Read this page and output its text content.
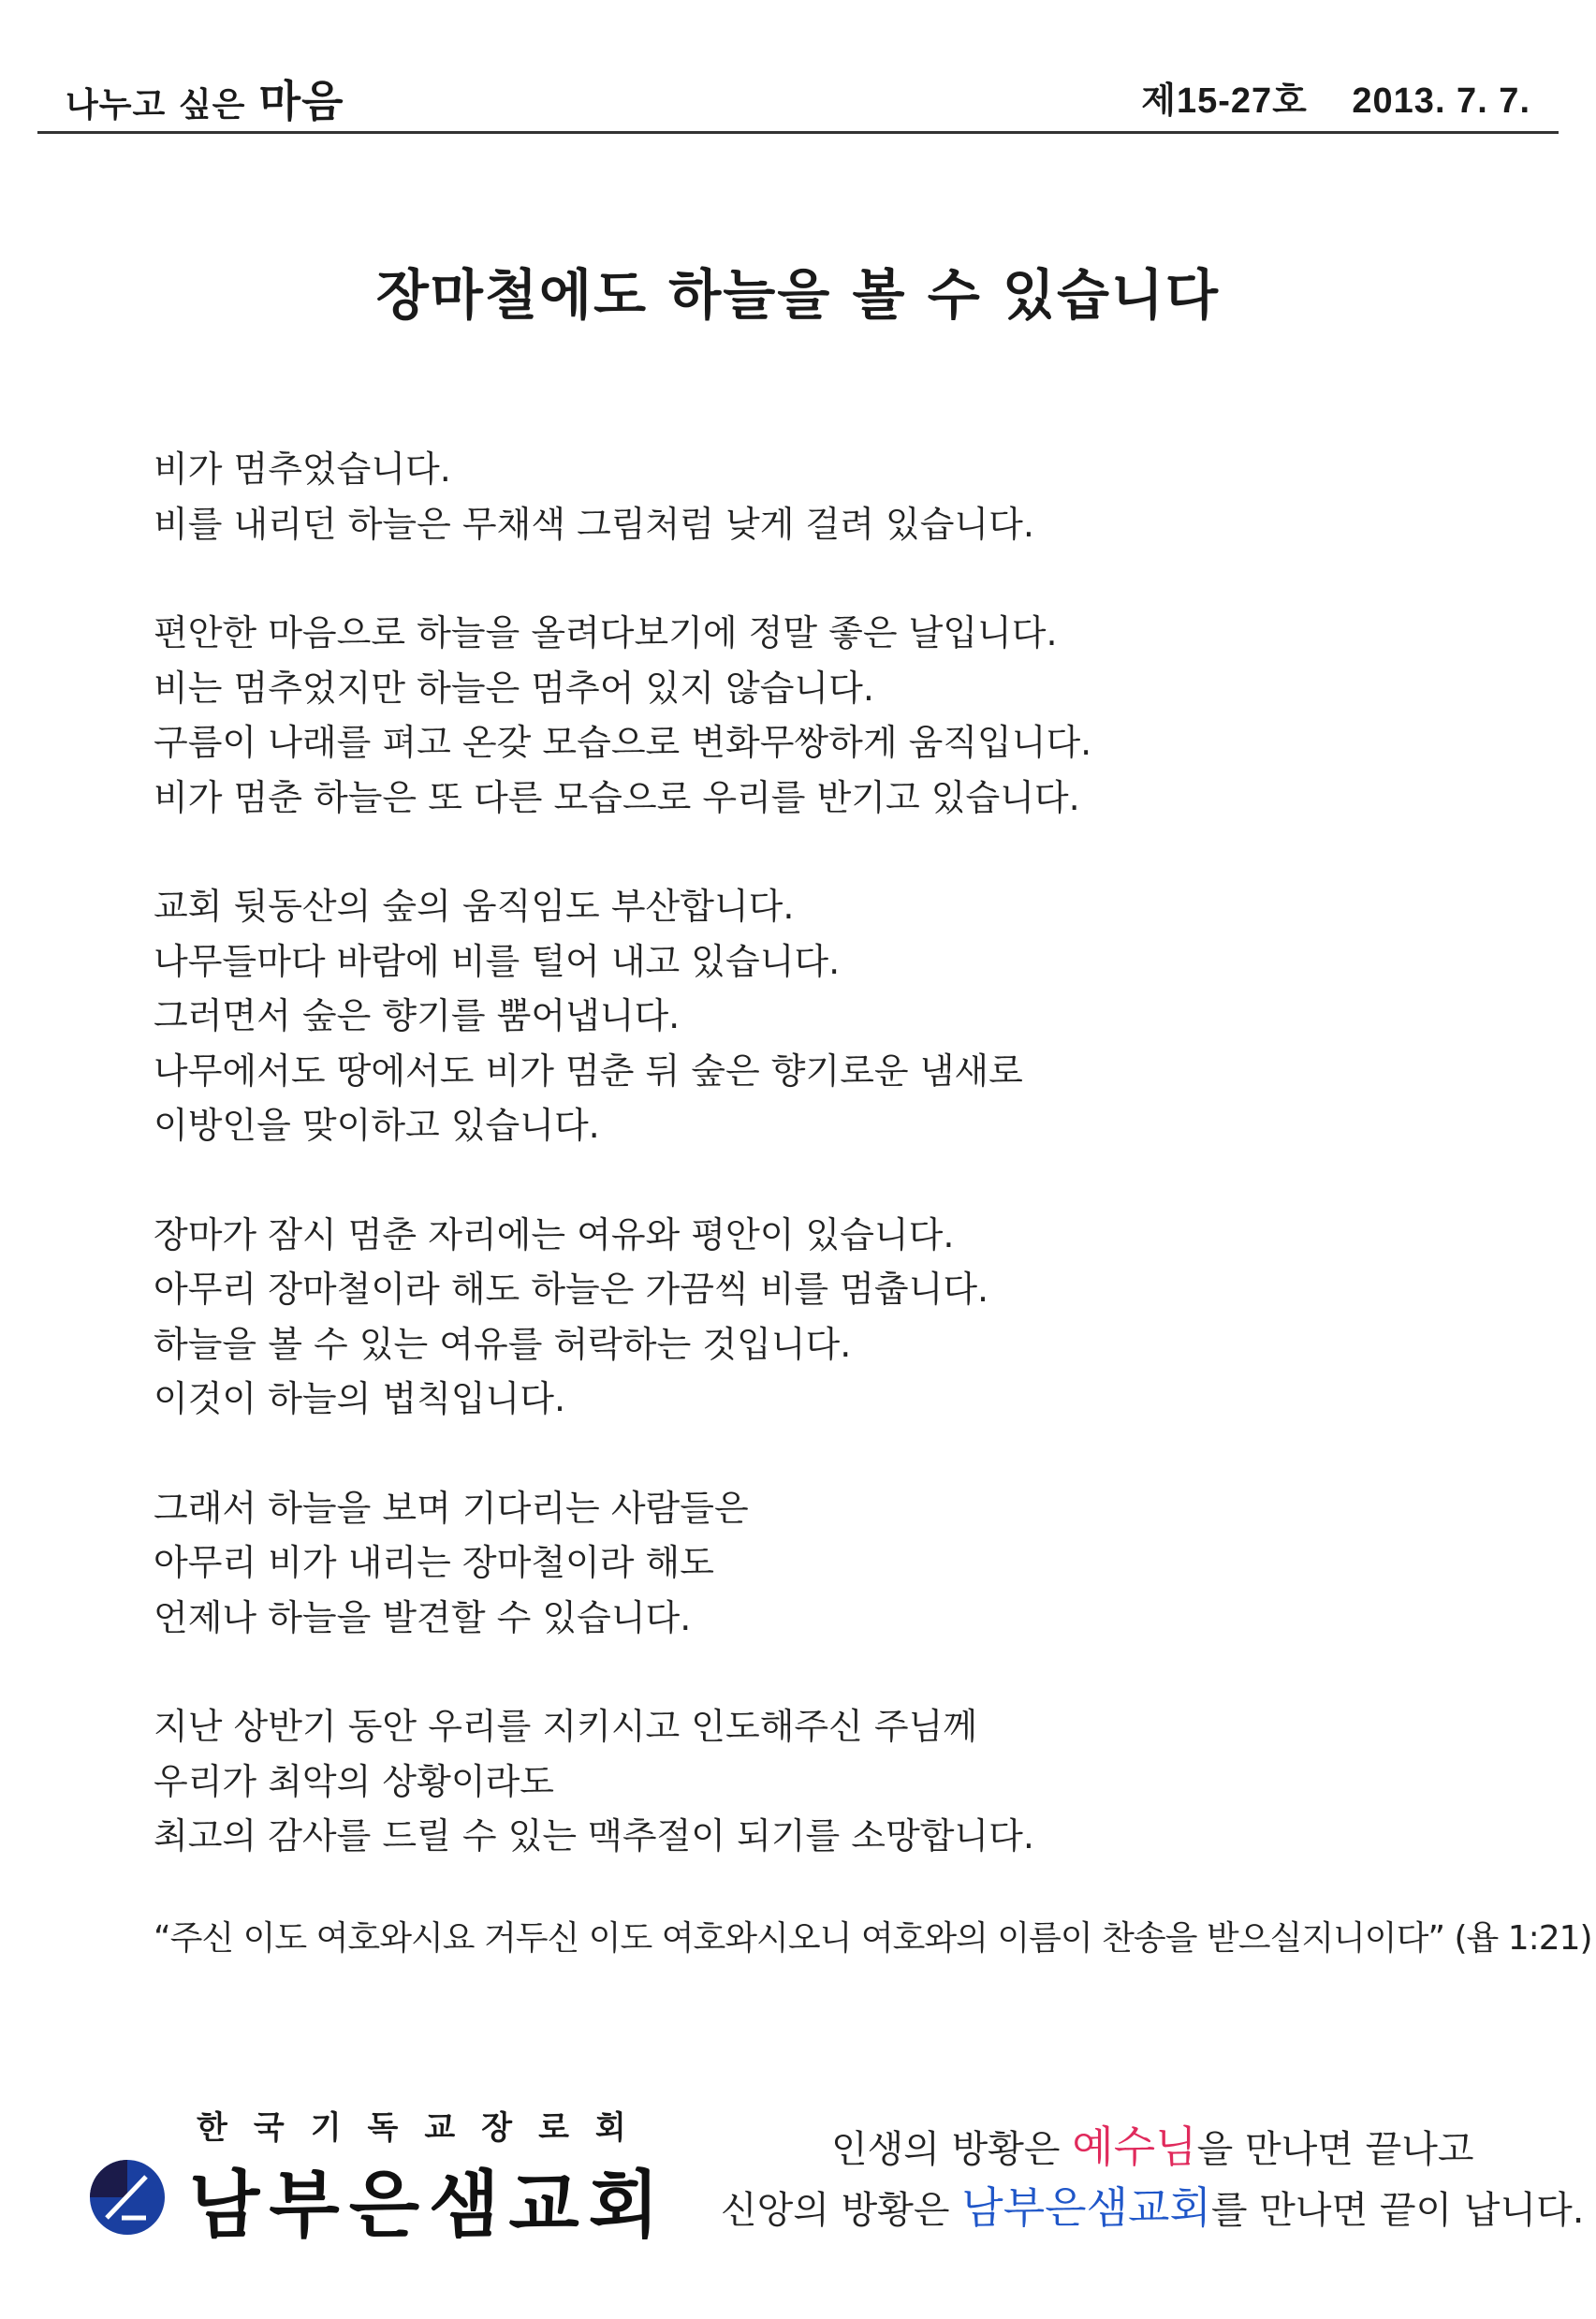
나누고 싶은 마음	제15-27호 2013. 7. 7.
장마철에도 하늘을 볼 수 있습니다
비가 멈추었습니다.
비를 내리던 하늘은 무채색 그림처럼 낮게 걸려 있습니다.
편안한 마음으로 하늘을 올려다보기에 정말 좋은 날입니다.
비는 멈추었지만 하늘은 멈추어 있지 않습니다.
구름이 나래를 펴고 온갖 모습으로 변화무쌍하게 움직입니다.
비가 멈춘 하늘은 또 다른 모습으로 우리를 반기고 있습니다.
교회 뒷동산의 숲의 움직임도 부산합니다.
나무들마다 바람에 비를 털어 내고 있습니다.
그러면서 숲은 향기를 뿜어냅니다.
나무에서도 땅에서도 비가 멈춘 뒤 숲은 향기로운 냄새로
이방인을 맞이하고 있습니다.
장마가 잠시 멈춘 자리에는 여유와 평안이 있습니다.
아무리 장마철이라 해도 하늘은 가끔씩 비를 멈춥니다.
하늘을 볼 수 있는 여유를 허락하는 것입니다.
이것이 하늘의 법칙입니다.
그래서 하늘을 보며 기다리는 사람들은
아무리 비가 내리는 장마철이라 해도
언제나 하늘을 발견할 수 있습니다.
지난 상반기 동안 우리를 지키시고 인도해주신 주님께
우리가 최악의 상황이라도
최고의 감사를 드릴 수 있는 맥추절이 되기를 소망합니다.
“주신 이도 여호와시요 거두신 이도 여호와시오니 여호와의 이름이 찬송을 받으실지니이다” (욥 1:21)
한국기독교장로회
남부은샘교회
인생의 방황은 예수님을 만나면 끝나고
신앙의 방황은 남부은샘교회를 만나면 끝이 납니다.
